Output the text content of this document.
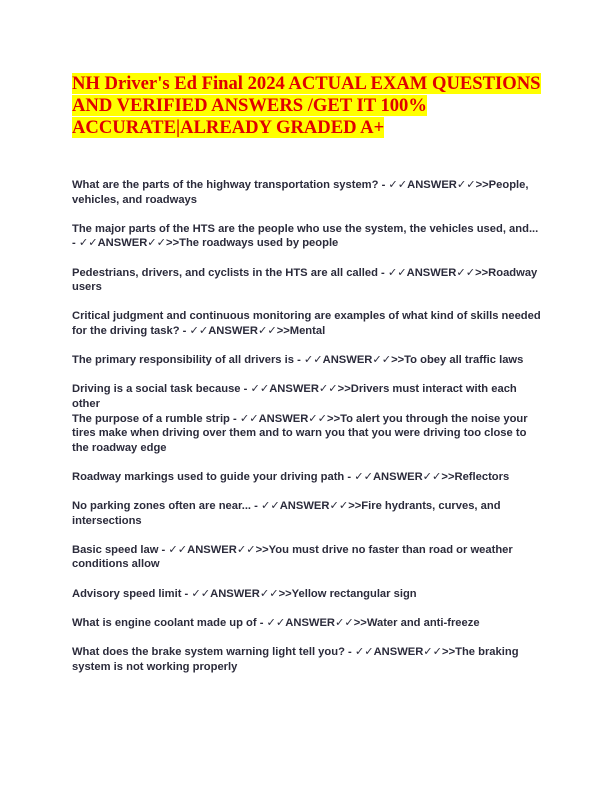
NH Driver's Ed Final 2024 ACTUAL EXAM QUESTIONS AND VERIFIED ANSWERS /GET IT 100% ACCURATE|ALREADY GRADED A+

What are the parts of the highway transportation system? - ✓✓ANSWER✓✓>>People, vehicles, and roadways

The major parts of the HTS are the people who use the system, the vehicles used, and... - ✓✓ANSWER✓✓>>The roadways used by people

Pedestrians, drivers, and cyclists in the HTS are all called - ✓✓ANSWER✓✓>>Roadway users

Critical judgment and continuous monitoring are examples of what kind of skills needed for the driving task? - ✓✓ANSWER✓✓>>Mental

The primary responsibility of all drivers is - ✓✓ANSWER✓✓>>To obey all traffic laws

Driving is a social task because - ✓✓ANSWER✓✓>>Drivers must interact with each other

The purpose of a rumble strip - ✓✓ANSWER✓✓>>To alert you through the noise your tires make when driving over them and to warn you that you were driving too close to the roadway edge

Roadway markings used to guide your driving path - ✓✓ANSWER✓✓>>Reflectors

No parking zones often are near... - ✓✓ANSWER✓✓>>Fire hydrants, curves, and intersections

Basic speed law - ✓✓ANSWER✓✓>>You must drive no faster than road or weather conditions allow

Advisory speed limit - ✓✓ANSWER✓✓>>Yellow rectangular sign

What is engine coolant made up of - ✓✓ANSWER✓✓>>Water and anti-freeze

What does the brake system warning light tell you? - ✓✓ANSWER✓✓>>The braking system is not working properly
